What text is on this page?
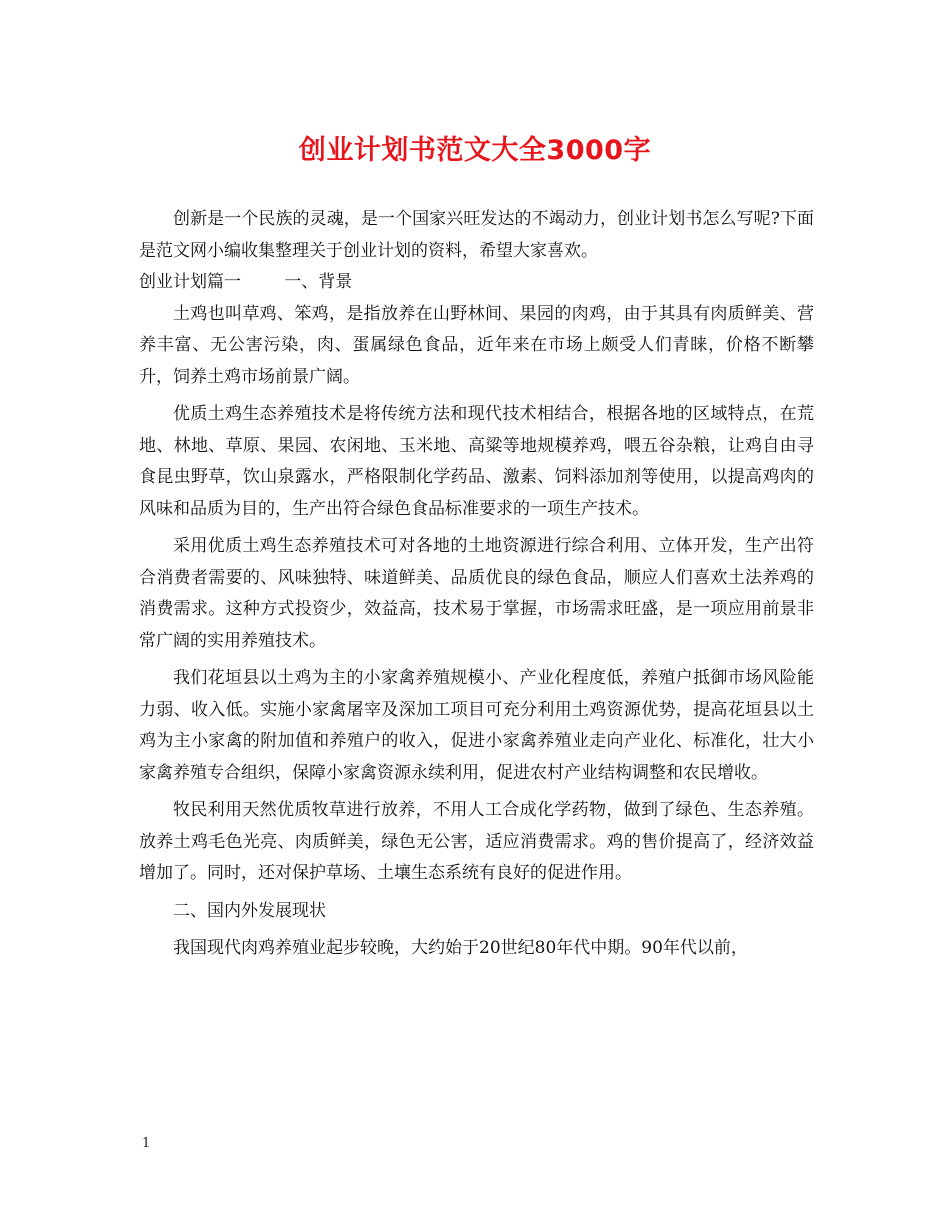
创业计划书范文大全3000字

创新是一个民族的灵魂，是一个国家兴旺发达的不竭动力，创业计划书怎么写呢?下面是范文网小编收集整理关于创业计划的资料，希望大家喜欢。

创业计划篇一	一、背景

土鸡也叫草鸡、笨鸡，是指放养在山野林间、果园的肉鸡，由于其具有肉质鲜美、营养丰富、无公害污染，肉、蛋属绿色食品，近年来在市场上颇受人们青睐，价格不断攀升，饲养土鸡市场前景广阔。

优质土鸡生态养殖技术是将传统方法和现代技术相结合，根据各地的区域特点，在荒地、林地、草原、果园、农闲地、玉米地、高粱等地规模养鸡，喂五谷杂粮，让鸡自由寻食昆虫野草，饮山泉露水，严格限制化学药品、激素、饲料添加剂等使用，以提高鸡肉的风味和品质为目的，生产出符合绿色食品标准要求的一项生产技术。

采用优质土鸡生态养殖技术可对各地的土地资源进行综合利用、立体开发，生产出符合消费者需要的、风味独特、味道鲜美、品质优良的绿色食品，顺应人们喜欢土法养鸡的消费需求。这种方式投资少，效益高，技术易于掌握，市场需求旺盛，是一项应用前景非常广阔的实用养殖技术。

我们花垣县以土鸡为主的小家禽养殖规模小、产业化程度低，养殖户抵御市场风险能力弱、收入低。实施小家禽屠宰及深加工项目可充分利用土鸡资源优势，提高花垣县以土鸡为主小家禽的附加值和养殖户的收入，促进小家禽养殖业走向产业化、标准化，壮大小家禽养殖专合组织，保障小家禽资源永续利用，促进农村产业结构调整和农民增收。

牧民利用天然优质牧草进行放养，不用人工合成化学药物，做到了绿色、生态养殖。放养土鸡毛色光亮、肉质鲜美，绿色无公害，适应消费需求。鸡的售价提高了，经济效益增加了。同时，还对保护草场、土壤生态系统有良好的促进作用。

二、国内外发展现状

我国现代肉鸡养殖业起步较晚，大约始于20世纪80年代中期。90年代以前，

1
